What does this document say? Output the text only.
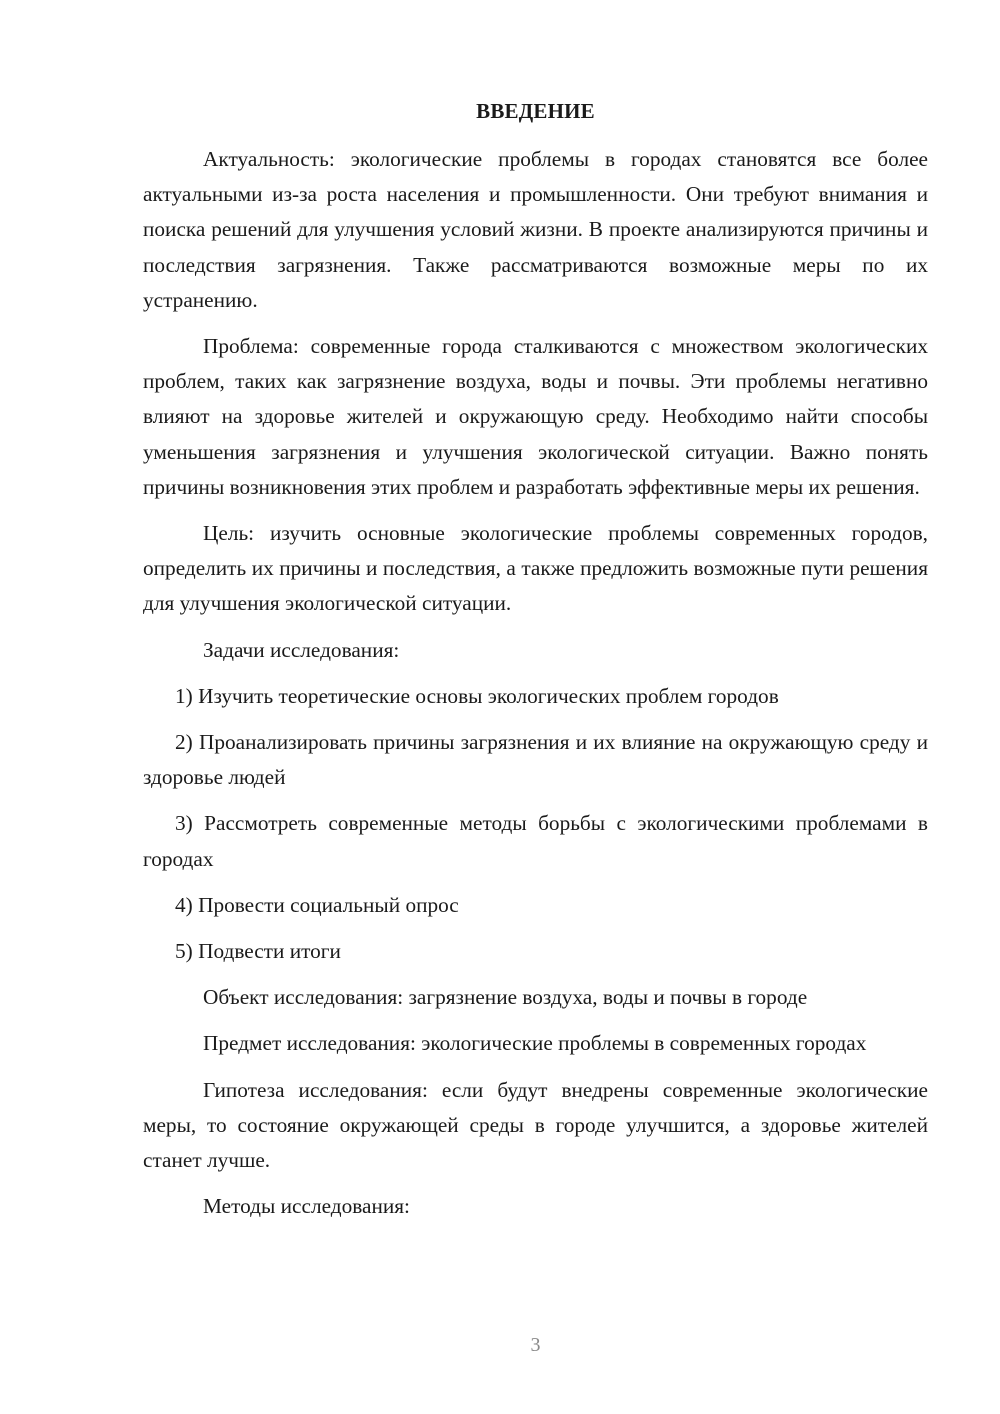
ВВЕДЕНИЕ

Актуальность: экологические проблемы в городах становятся все более актуальными из-за роста населения и промышленности. Они требуют внимания и поиска решений для улучшения условий жизни. В проекте анализируются причины и последствия загрязнения. Также рассматриваются возможные меры по их устранению.

Проблема: современные города сталкиваются с множеством экологических проблем, таких как загрязнение воздуха, воды и почвы. Эти проблемы негативно влияют на здоровье жителей и окружающую среду. Необходимо найти способы уменьшения загрязнения и улучшения экологической ситуации. Важно понять причины возникновения этих проблем и разработать эффективные меры их решения.

Цель: изучить основные экологические проблемы современных городов, определить их причины и последствия, а также предложить возможные пути решения для улучшения экологической ситуации.

Задачи исследования:

1) Изучить теоретические основы экологических проблем городов

2) Проанализировать причины загрязнения и их влияние на окружающую среду и здоровье людей

3) Рассмотреть современные методы борьбы с экологическими проблемами в городах

4) Провести социальный опрос

5) Подвести итоги

Объект исследования: загрязнение воздуха, воды и почвы в городе

Предмет исследования: экологические проблемы в современных городах

Гипотеза исследования: если будут внедрены современные экологические меры, то состояние окружающей среды в городе улучшится, а здоровье жителей станет лучше.

Методы исследования:

3
